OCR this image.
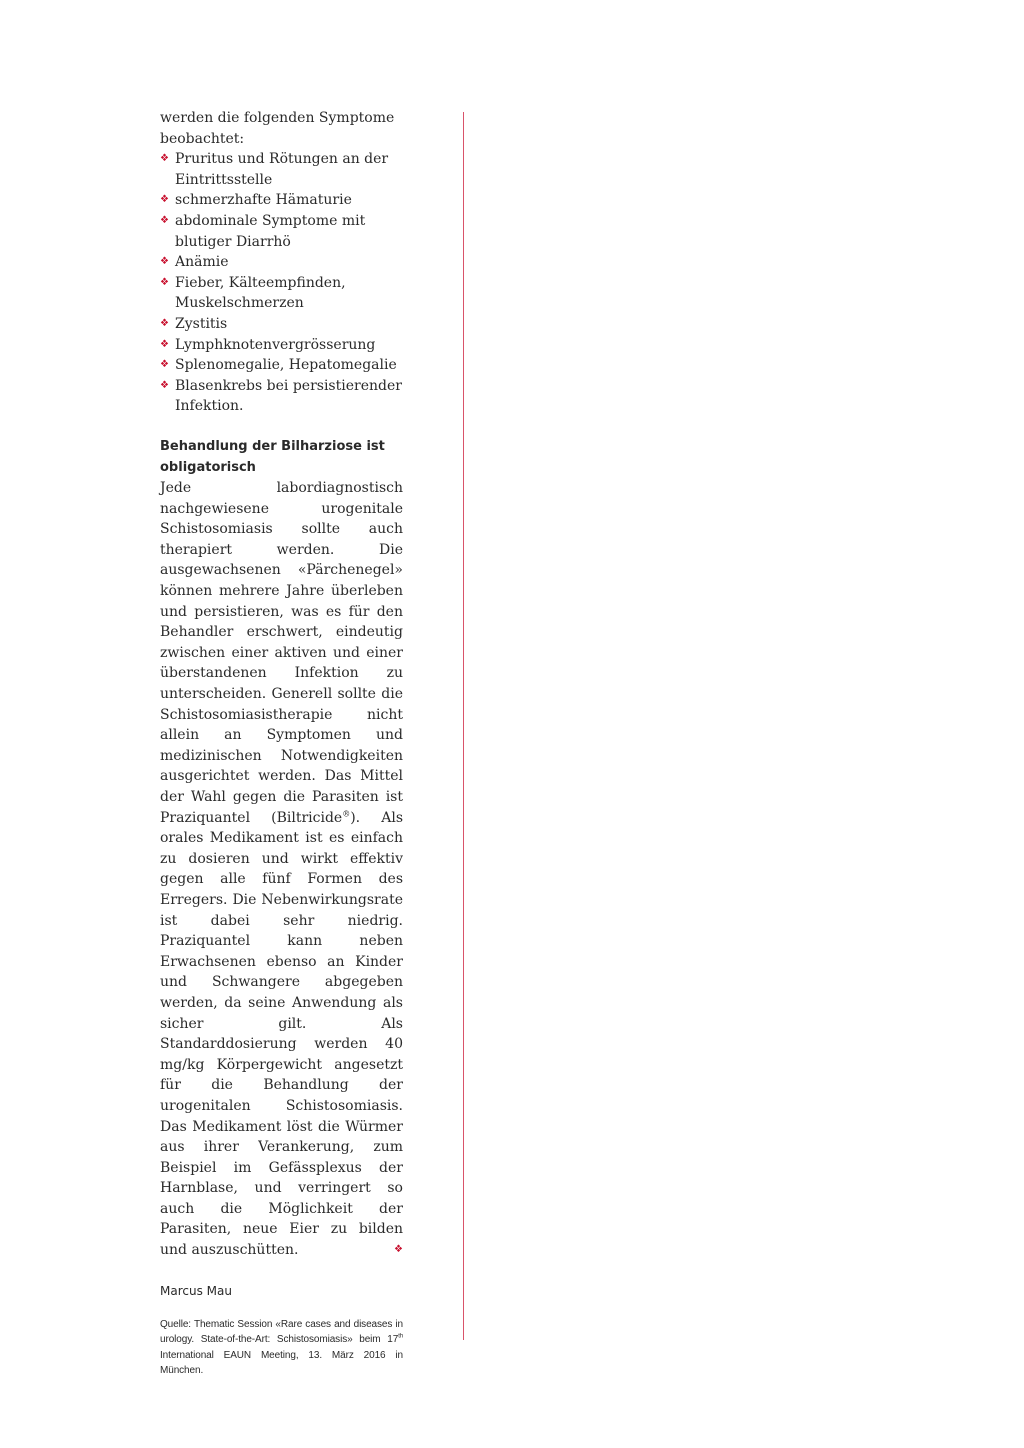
werden die folgenden Symptome beobachtet:

❖ Pruritus und Rötungen an der Eintrittsstelle
❖ schmerzhafte Hämaturie
❖ abdominale Symptome mit blutiger Diarrhö
❖ Anämie
❖ Fieber, Kälteempfinden, Muskelschmerzen
❖ Zystitis
❖ Lymphknotenvergrösserung
❖ Splenomegalie, Hepatomegalie
❖ Blasenkrebs bei persistierender Infektion.
Behandlung der Bilharziose ist obligatorisch

Jede labordiagnostisch nachgewiesene urogenitale Schistosomiasis sollte auch therapiert werden. Die ausgewachsenen «Pärchenegel» können mehrere Jahre überleben und persistieren, was es für den Behandler erschwert, eindeutig zwischen einer aktiven und einer überstandenen Infektion zu unterscheiden. Generell sollte die Schistosomiasistherapie nicht allein an Symptomen und medizinischen Notwendigkeiten ausgerichtet werden. Das Mittel der Wahl gegen die Parasiten ist Praziquantel (Biltricide®). Als orales Medikament ist es einfach zu dosieren und wirkt effektiv gegen alle fünf Formen des Erregers. Die Nebenwirkungsrate ist dabei sehr niedrig. Praziquantel kann neben Erwachsenen ebenso an Kinder und Schwangere abgegeben werden, da seine Anwendung als sicher gilt. Als Standarddosierung werden 40 mg/kg Körpergewicht angesetzt für die Behandlung der urogenitalen Schistosomiasis. Das Medikament löst die Würmer aus ihrer Verankerung, zum Beispiel im Gefässplexus der Harnblase, und verringert so auch die Möglichkeit der Parasiten, neue Eier zu bilden und auszuschütten.	❖

Marcus Mau

Quelle: Thematic Session «Rare cases and diseases in urology. State-of-the-Art: Schistosomiasis» beim 17th International EAUN Meeting, 13. März 2016 in München.
